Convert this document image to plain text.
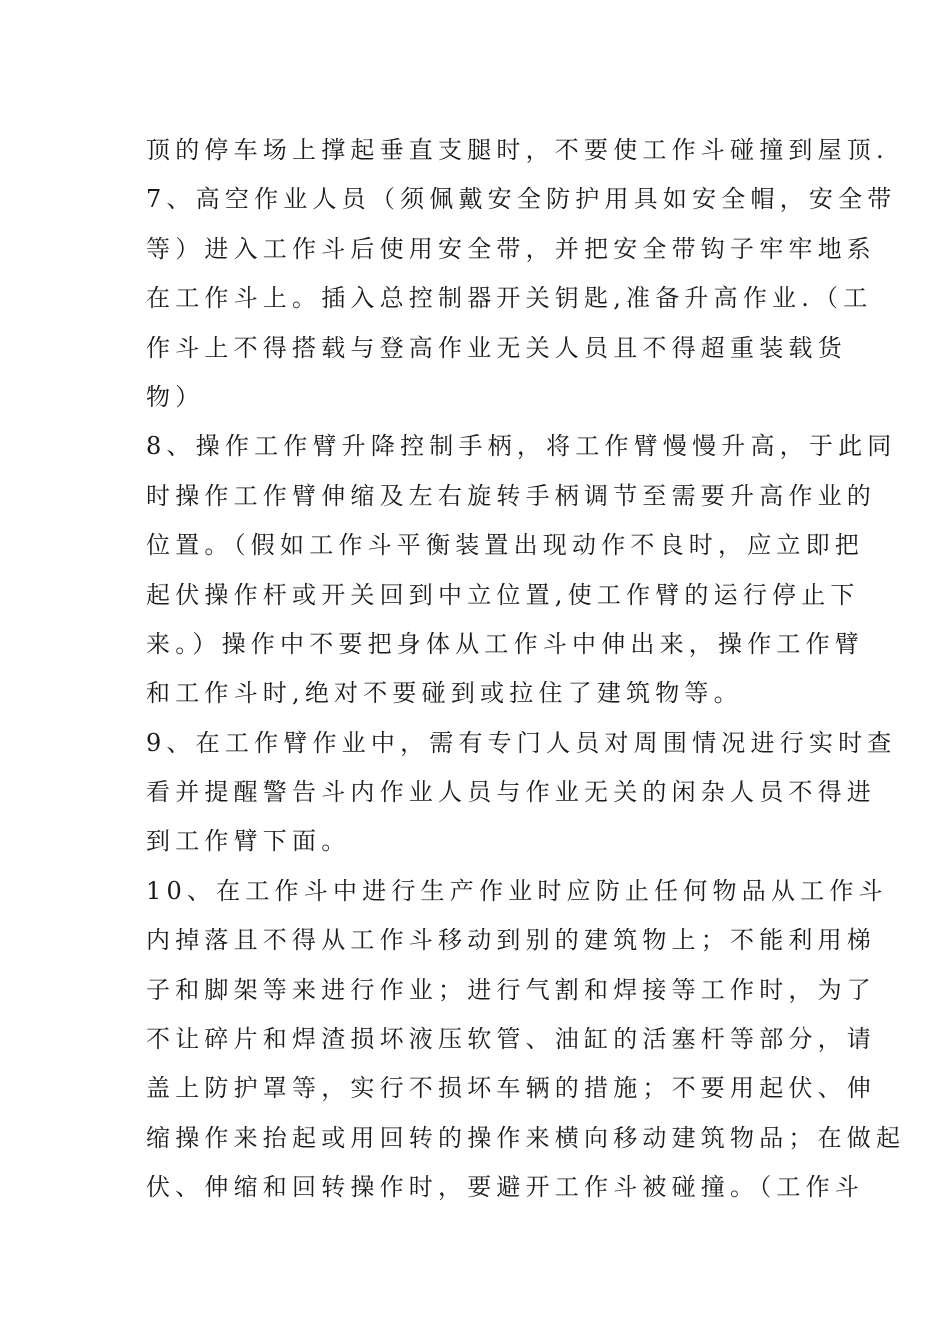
顶的停车场上撑起垂直支腿时，不要使工作斗碰撞到屋顶.
7、高空作业人员（须佩戴安全防护用具如安全帽，安全带
等）进入工作斗后使用安全带，并把安全带钩子牢牢地系
在工作斗上。插入总控制器开关钥匙,准备升高作业.（工
作斗上不得搭载与登高作业无关人员且不得超重装载货
物）
8、操作工作臂升降控制手柄，将工作臂慢慢升高，于此同
时操作工作臂伸缩及左右旋转手柄调节至需要升高作业的
位置。（假如工作斗平衡装置出现动作不良时，应立即把
起伏操作杆或开关回到中立位置,使工作臂的运行停止下
来。）操作中不要把身体从工作斗中伸出来，操作工作臂
和工作斗时,绝对不要碰到或拉住了建筑物等。
9、在工作臂作业中，需有专门人员对周围情况进行实时查
看并提醒警告斗内作业人员与作业无关的闲杂人员不得进
到工作臂下面。
10、在工作斗中进行生产作业时应防止任何物品从工作斗
内掉落且不得从工作斗移动到别的建筑物上；不能利用梯
子和脚架等来进行作业；进行气割和焊接等工作时，为了
不让碎片和焊渣损坏液压软管、油缸的活塞杆等部分，请
盖上防护罩等，实行不损坏车辆的措施；不要用起伏、伸
缩操作来抬起或用回转的操作来横向移动建筑物品；在做起
伏、伸缩和回转操作时，要避开工作斗被碰撞。（工作斗
